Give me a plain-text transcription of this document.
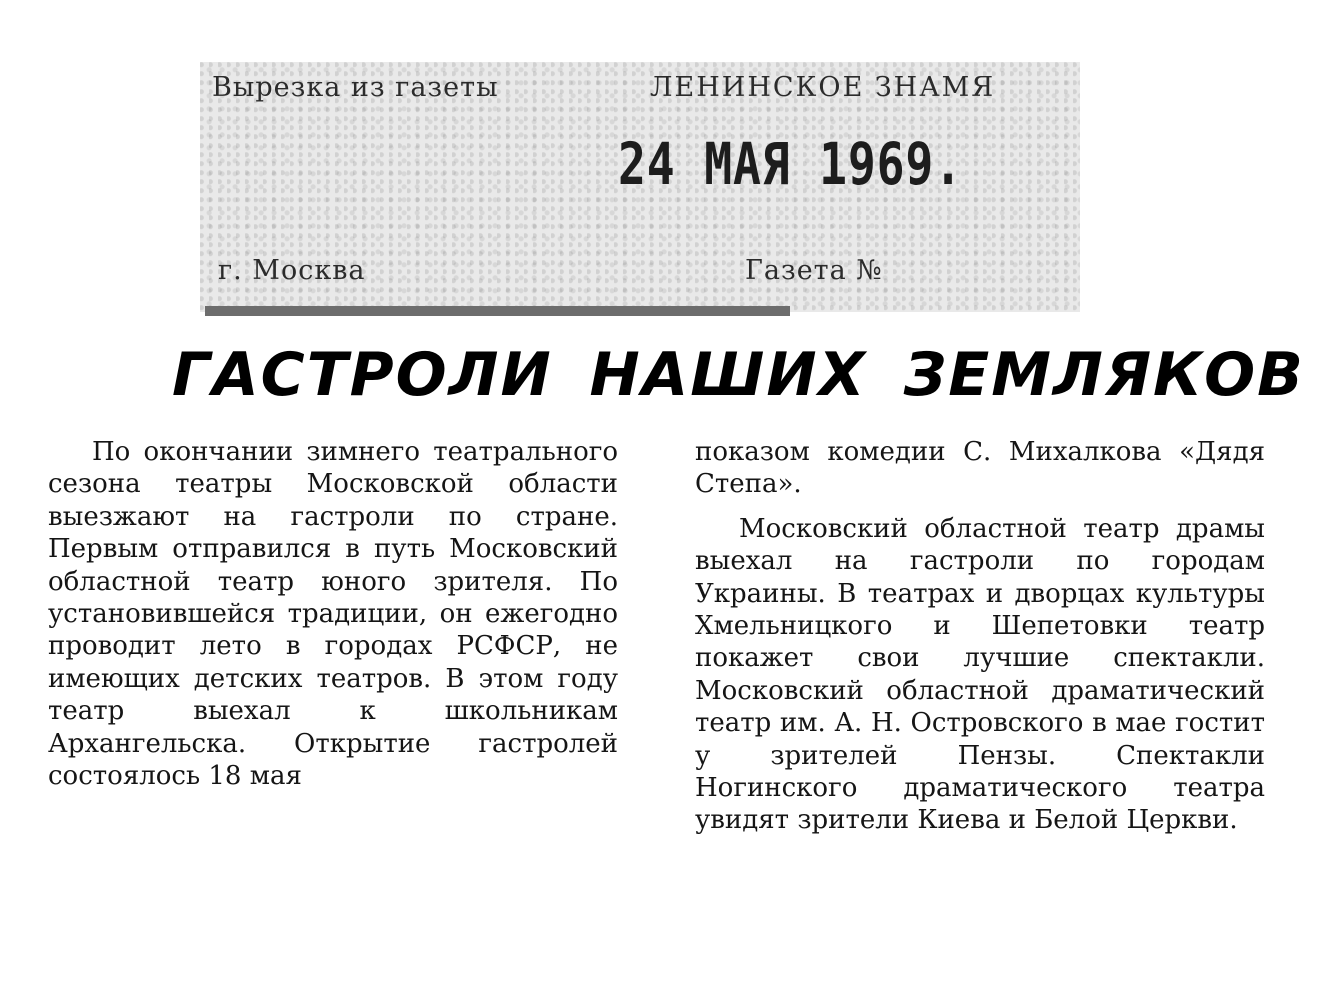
Вырезка из газеты	ЛЕНИНСКОЕ ЗНАМЯ
24 МАЯ 1969.
г. Москва	Газета №
ГАСТРОЛИ НАШИХ ЗЕМЛЯКОВ

По окончании зимнего театрального сезона театры Московской области выезжают на гастроли по стране. Первым отправился в путь Московский областной театр юного зрителя. По установившейся традиции, он ежегодно проводит лето в городах РСФСР, не имеющих детских театров. В этом году театр выехал к школьникам Архангельска. Открытие гастролей состоялось 18 мая

показом комедии С. Михалкова «Дядя Степа».

Московский областной театр драмы выехал на гастроли по городам Украины. В театрах и дворцах культуры Хмельницкого и Шепетовки театр покажет свои лучшие спектакли. Московский областной драматический театр им. А. Н. Островского в мае гостит у зрителей Пензы. Спектакли Ногинского драматического театра увидят зрители Киева и Белой Церкви.
